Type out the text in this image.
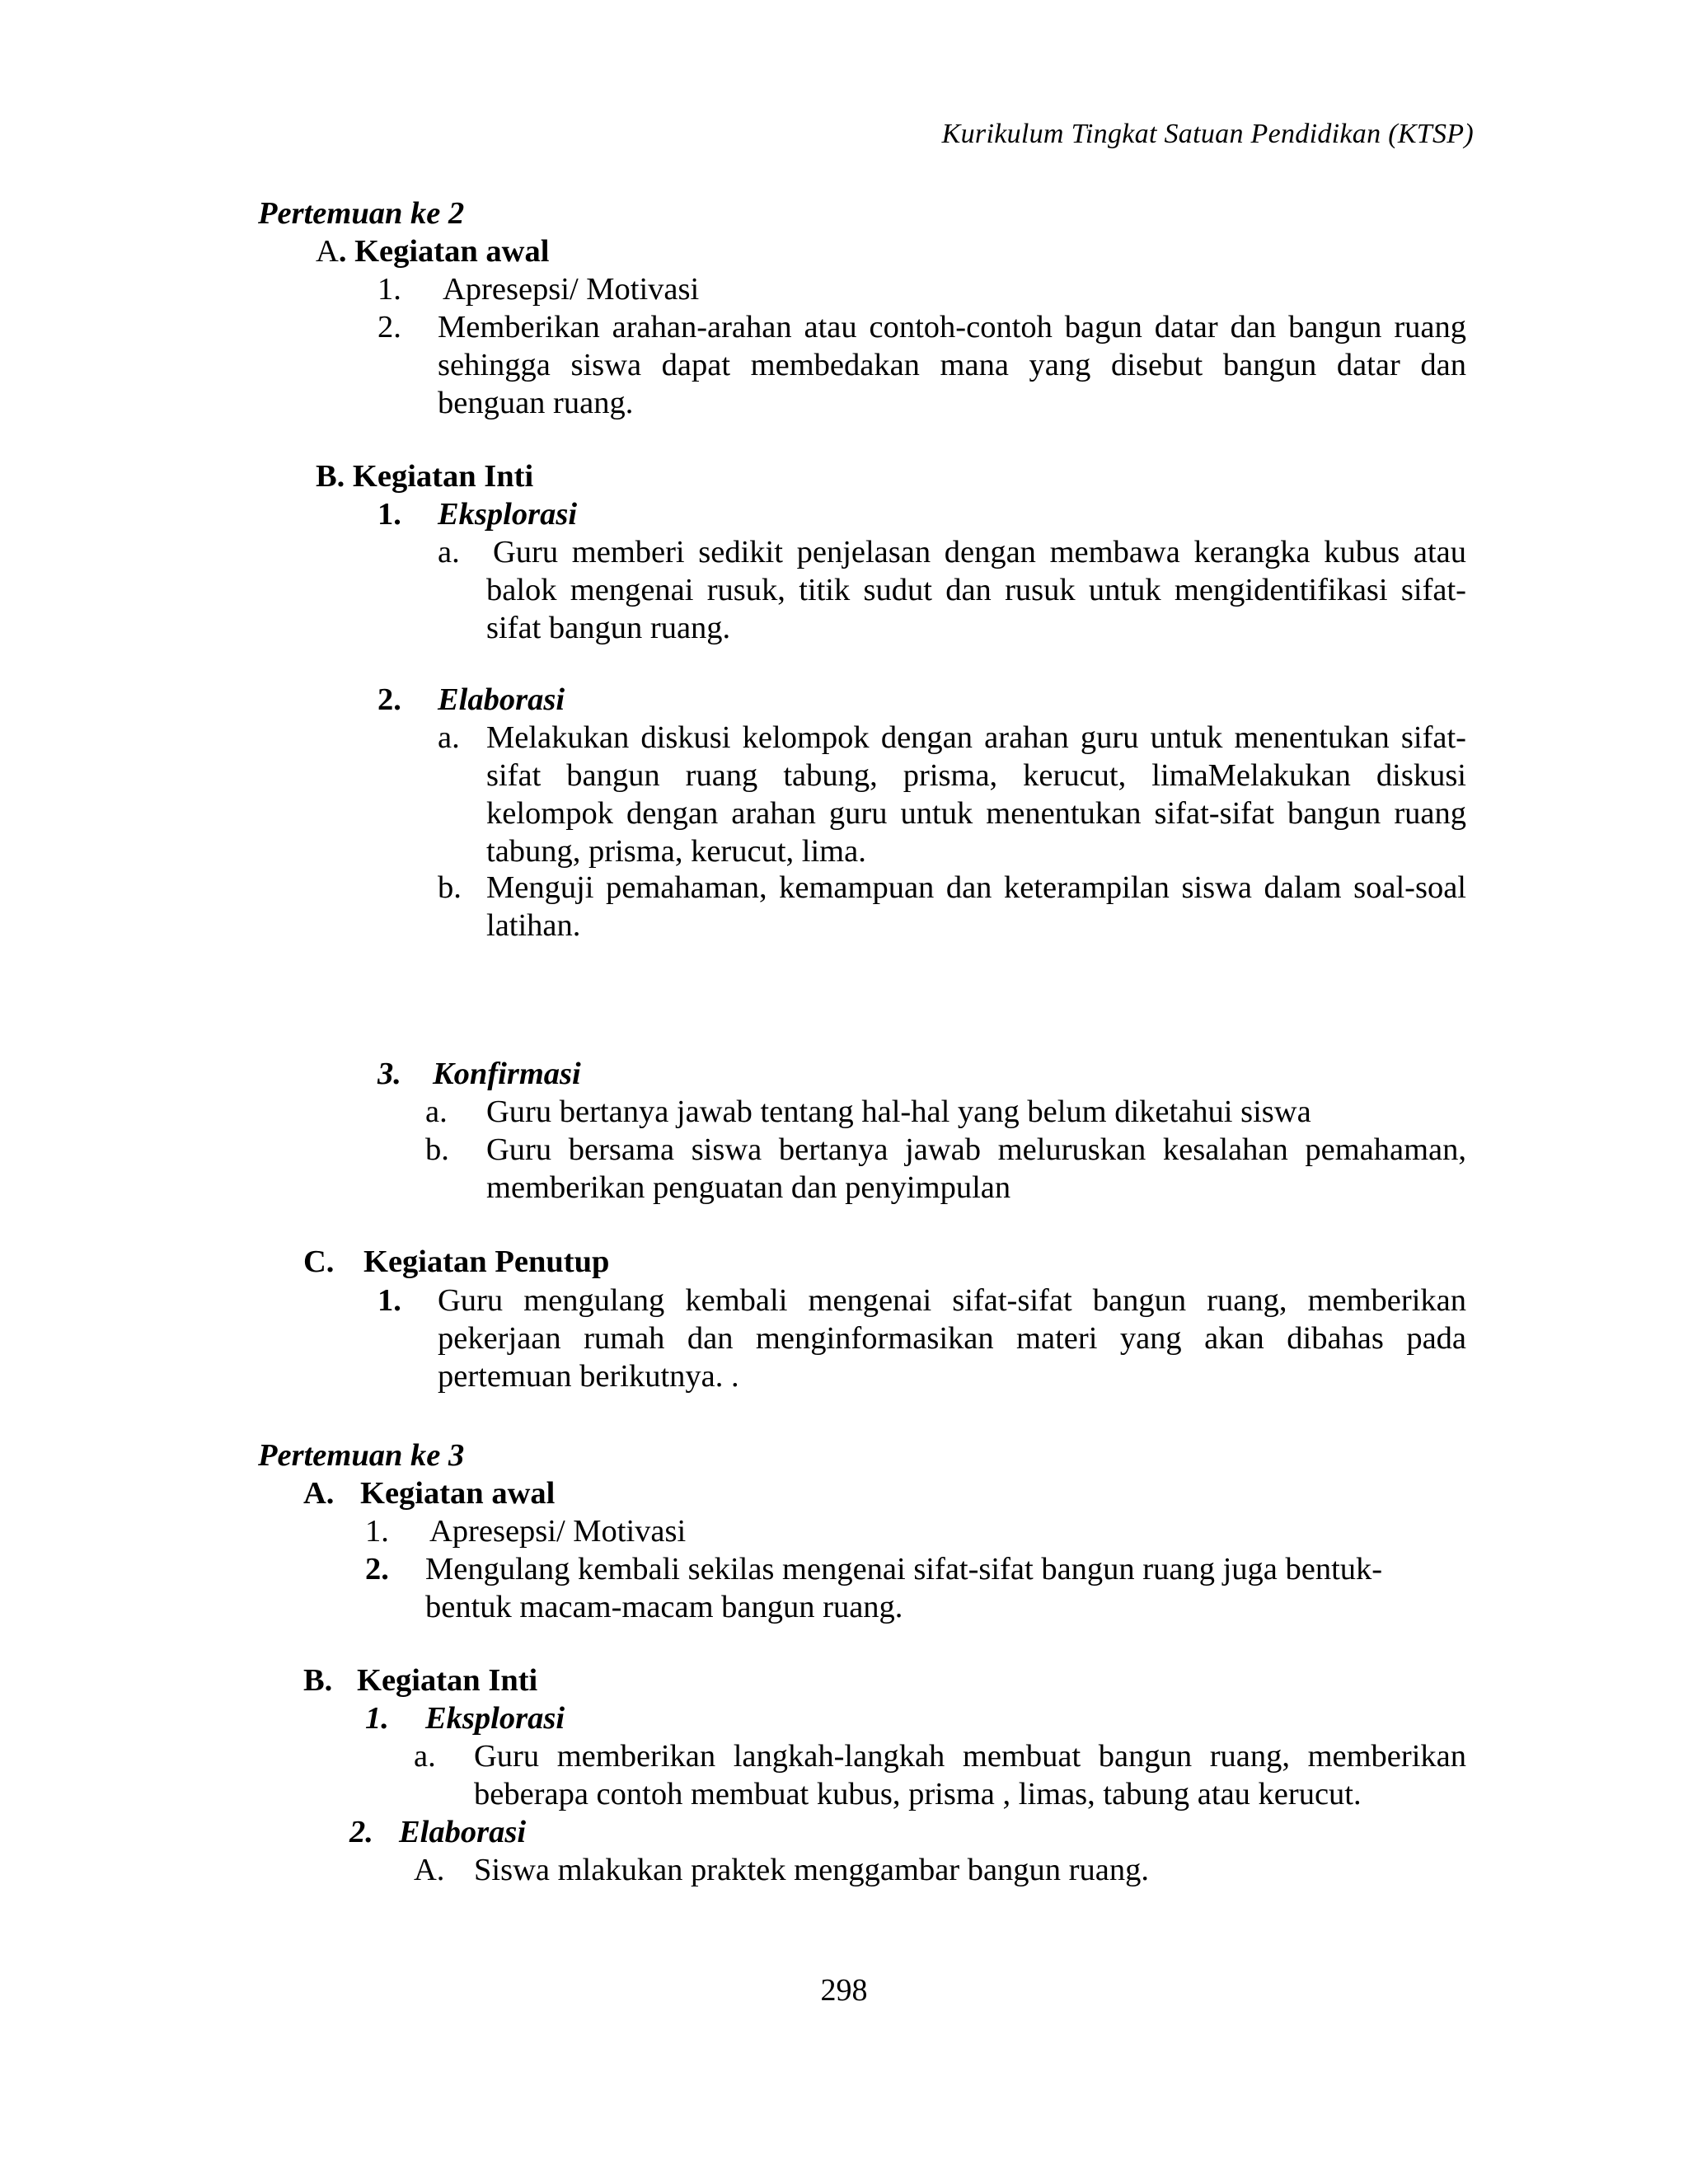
Kurikulum Tingkat Satuan Pendidikan (KTSP)
Pertemuan ke 2
A. Kegiatan awal
1. Apresepsi/ Motivasi
2. Memberikan arahan-arahan atau contoh-contoh bagun datar dan bangun ruang sehingga siswa dapat membedakan mana yang disebut bangun datar dan benguan ruang.
B. Kegiatan Inti
1. Eksplorasi
a. Guru memberi sedikit penjelasan dengan membawa kerangka kubus atau balok mengenai rusuk, titik sudut dan rusuk untuk mengidentifikasi sifat-sifat bangun ruang.
2. Elaborasi
a. Melakukan diskusi kelompok dengan arahan guru untuk menentukan sifat-sifat bangun ruang tabung, prisma, kerucut, limaMelakukan diskusi kelompok dengan arahan guru untuk menentukan sifat-sifat bangun ruang tabung, prisma, kerucut, lima.
b. Menguji pemahaman, kemampuan dan keterampilan siswa dalam soal-soal latihan.
3. Konfirmasi
a. Guru bertanya jawab tentang hal-hal yang belum diketahui siswa
b. Guru bersama siswa bertanya jawab meluruskan kesalahan pemahaman, memberikan penguatan dan penyimpulan
C. Kegiatan Penutup
1. Guru mengulang kembali mengenai sifat-sifat bangun ruang, memberikan pekerjaan rumah dan menginformasikan materi yang akan dibahas pada pertemuan berikutnya. .
Pertemuan ke 3
A. Kegiatan awal
1. Apresepsi/ Motivasi
2. Mengulang kembali sekilas mengenai sifat-sifat bangun ruang juga bentuk-bentuk macam-macam bangun ruang.
B. Kegiatan Inti
1. Eksplorasi
a. Guru memberikan langkah-langkah membuat bangun ruang, memberikan beberapa contoh membuat kubus, prisma , limas, tabung atau kerucut.
2. Elaborasi
A. Siswa mlakukan praktek menggambar bangun ruang.
298
